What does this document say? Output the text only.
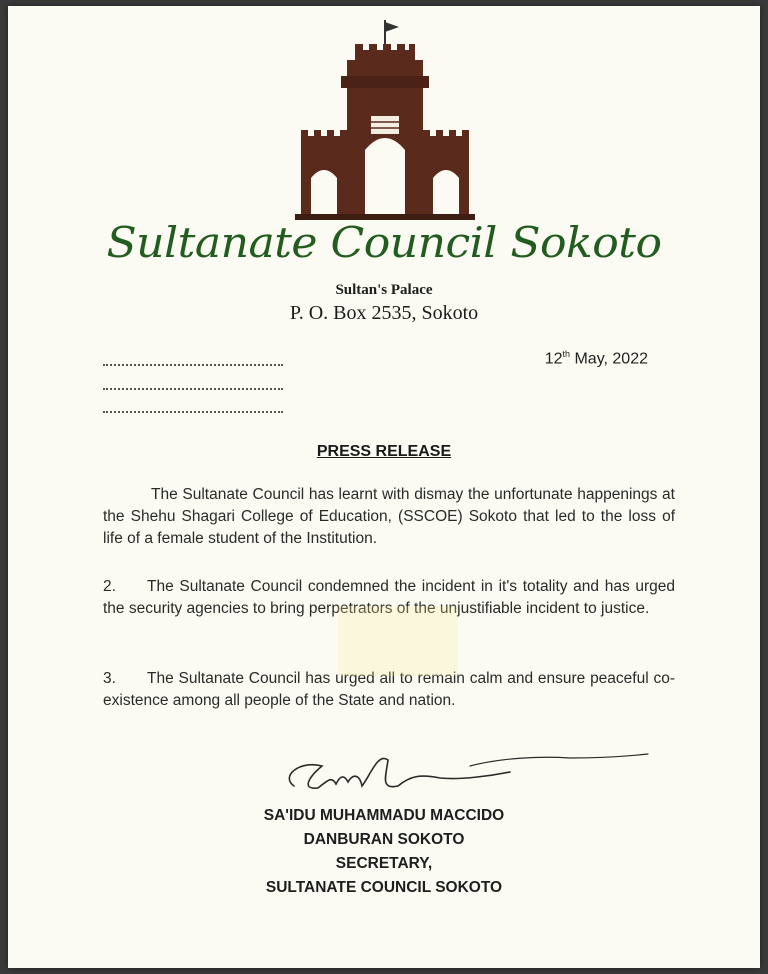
Sultanate Council Sokoto
Sultan's Palace
P. O. Box 2535, Sokoto
12th May, 2022
PRESS RELEASE

The Sultanate Council has learnt with dismay the unfortunate happenings at the Shehu Shagari College of Education, (SSCOE) Sokoto that led to the loss of life of a female student of the Institution.

2. The Sultanate Council condemned the incident in it's totality and has urged the security agencies to bring perpetrators of the unjustifiable incident to justice.

3. The Sultanate Council has urged all to remain calm and ensure peaceful co-existence among all people of the State and nation.

SA'IDU MUHAMMADU MACCIDO
DANBURAN SOKOTO
SECRETARY,
SULTANATE COUNCIL SOKOTO
